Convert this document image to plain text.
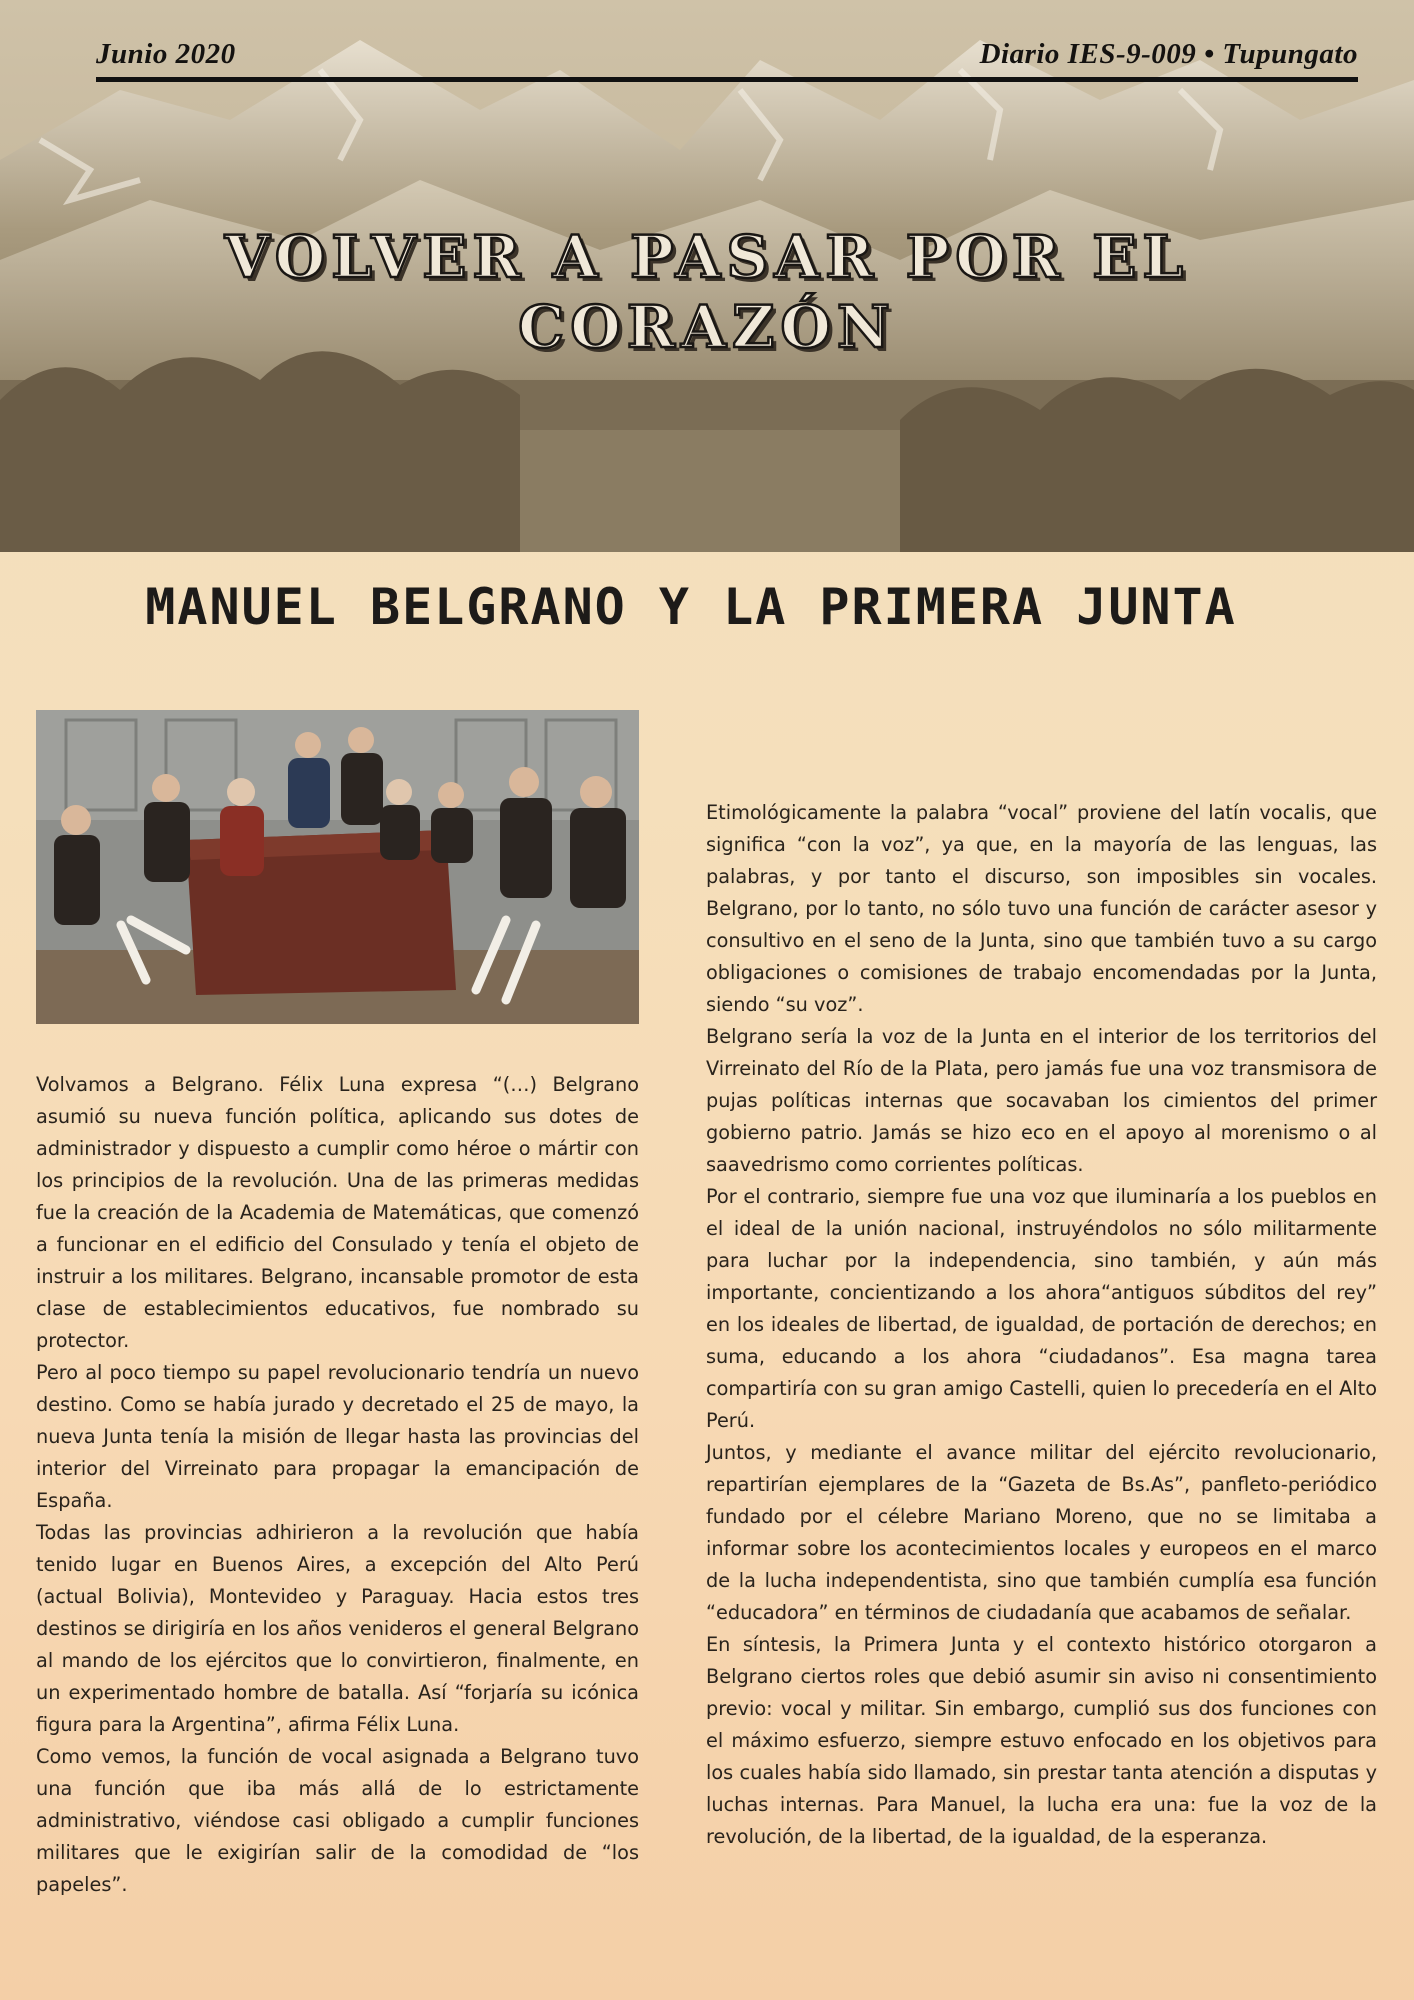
Junio 2020	Diario IES-9-009 • Tupungato
VOLVER A PASAR POR EL
CORAZÓN
MANUEL BELGRANO Y LA PRIMERA JUNTA

Volvamos a Belgrano. Félix Luna expresa “(…) Belgrano asumió su nueva función política, aplicando sus dotes de administrador y dispuesto a cumplir como héroe o mártir con los principios de la revolución. Una de las primeras medidas fue la creación de la Academia de Matemáticas, que comenzó a funcionar en el edificio del Consulado y tenía el objeto de instruir a los militares. Belgrano, incansable promotor de esta clase de establecimientos educativos, fue nombrado su protector.

Pero al poco tiempo su papel revolucionario tendría un nuevo destino. Como se había jurado y decretado el 25 de mayo, la nueva Junta tenía la misión de llegar hasta las provincias del interior del Virreinato para propagar la emancipación de España.

Todas las provincias adhirieron a la revolución que había tenido lugar en Buenos Aires, a excepción del Alto Perú (actual Bolivia), Montevideo y Paraguay. Hacia estos tres destinos se dirigiría en los años venideros el general Belgrano al mando de los ejércitos que lo convirtieron, finalmente, en un experimentado hombre de batalla. Así “forjaría su icónica figura para la Argentina”, afirma Félix Luna.

Como vemos, la función de vocal asignada a Belgrano tuvo una función que iba más allá de lo estrictamente administrativo, viéndose casi obligado a cumplir funciones militares que le exigirían salir de la comodidad de “los papeles”.

Etimológicamente la palabra “vocal” proviene del latín vocalis, que significa “con la voz”, ya que, en la mayoría de las lenguas, las palabras, y por tanto el discurso, son imposibles sin vocales. Belgrano, por lo tanto, no sólo tuvo una función de carácter asesor y consultivo en el seno de la Junta, sino que también tuvo a su cargo obligaciones o comisiones de trabajo encomendadas por la Junta, siendo “su voz”.

Belgrano sería la voz de la Junta en el interior de los territorios del Virreinato del Río de la Plata, pero jamás fue una voz transmisora de pujas políticas internas que socavaban los cimientos del primer gobierno patrio. Jamás se hizo eco en el apoyo al morenismo o al saavedrismo como corrientes políticas.

Por el contrario, siempre fue una voz que iluminaría a los pueblos en el ideal de la unión nacional, instruyéndolos no sólo militarmente para luchar por la independencia, sino también, y aún más importante, concientizando a los ahora“antiguos súbditos del rey” en los ideales de libertad, de igualdad, de portación de derechos; en suma, educando a los ahora “ciudadanos”. Esa magna tarea compartiría con su gran amigo Castelli, quien lo precedería en el Alto Perú.

Juntos, y mediante el avance militar del ejército revolucionario, repartirían ejemplares de la “Gazeta de Bs.As”, panfleto-periódico fundado por el célebre Mariano Moreno, que no se limitaba a informar sobre los acontecimientos locales y europeos en el marco de la lucha independentista, sino que también cumplía esa función “educadora” en términos de ciudadanía que acabamos de señalar.

En síntesis, la Primera Junta y el contexto histórico otorgaron a Belgrano ciertos roles que debió asumir sin aviso ni consentimiento previo: vocal y militar. Sin embargo, cumplió sus dos funciones con el máximo esfuerzo, siempre estuvo enfocado en los objetivos para los cuales había sido llamado, sin prestar tanta atención a disputas y luchas internas. Para Manuel, la lucha era una: fue la voz de la revolución, de la libertad, de la igualdad, de la esperanza.
